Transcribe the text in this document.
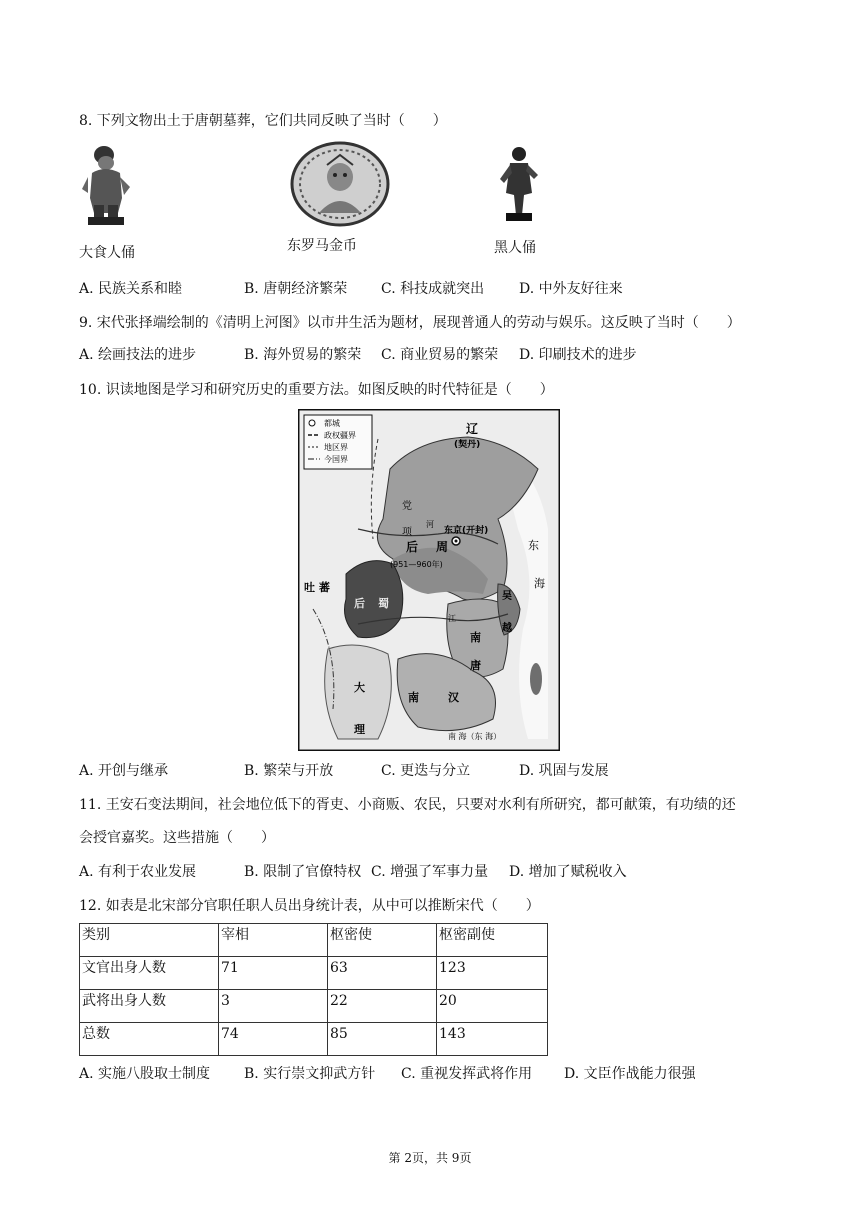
8. 下列文物出土于唐朝墓葬，它们共同反映了当时（　　）
大食人俑	东罗马金币	黑人俑
A. 民族关系和睦	B. 唐朝经济繁荣 C. 科技成就突出 D. 中外友好往来
9. 宋代张择端绘制的《清明上河图》以市井生活为题材，展现普通人的劳动与娱乐。这反映了当时（　　）
A. 绘画技法的进步	B. 海外贸易的繁荣 C. 商业贸易的繁荣 D. 印刷技术的进步
10. 识读地图是学习和研究历史的重要方法。如图反映的时代特征是（　　）
都城
政权疆界
地区界
今国界
辽
(契丹)
党
项
河
东京(开封)
后 周
(951—960年)
吐 蕃
后 蜀
江
南
唐
吴
越
东
海
南	汉
大
理
南 海（东 海）
A. 开创与继承	B. 繁荣与开放	C. 更迭与分立	D. 巩固与发展
11. 王安石变法期间，社会地位低下的胥吏、小商贩、农民，只要对水利有所研究，都可献策，有功绩的还
会授官嘉奖。这些措施（　　）
A. 有利于农业发展	B. 限制了官僚特权 C. 增强了军事力量 D. 增加了赋税收入
12. 如表是北宋部分官职任职人员出身统计表，从中可以推断宋代（　　）
类别	宰相	枢密使	枢密副使
文官出身人数	71	63	123
武将出身人数	3	22	20
总数	74	85	143
A. 实施八股取士制度 B. 实行崇文抑武方针 C. 重视发挥武将作用 D. 文臣作战能力很强
第 2页，共 9页
